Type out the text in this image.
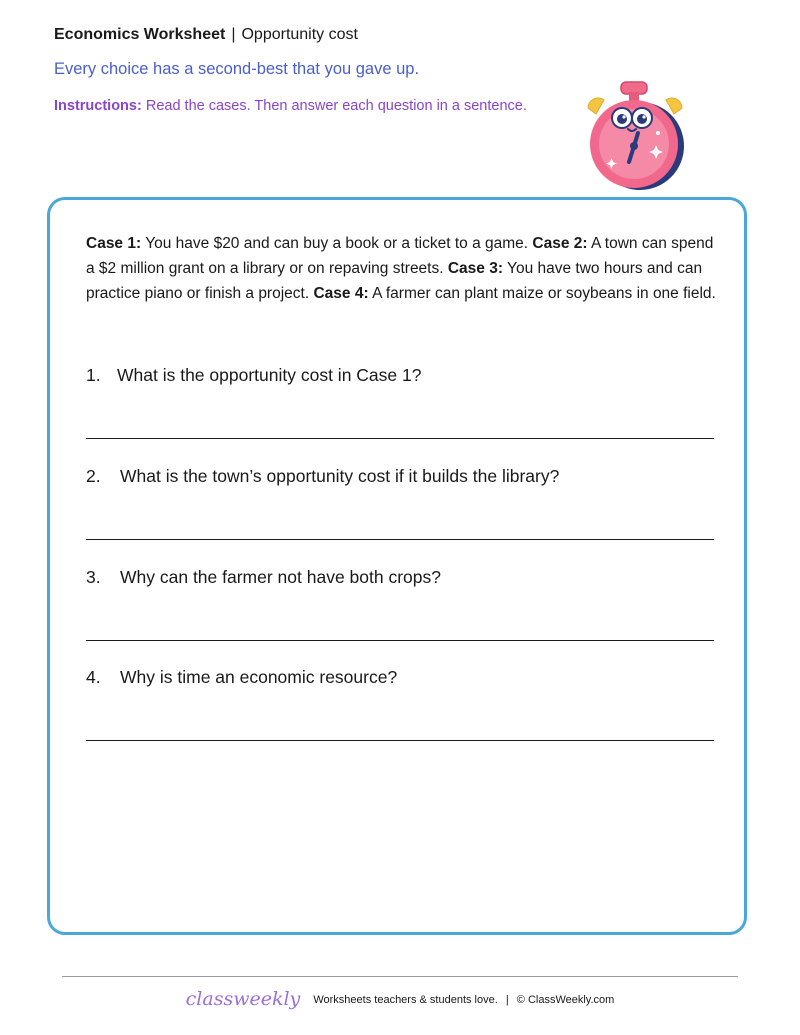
Economics Worksheet | Opportunity cost
Every choice has a second-best that you gave up.
Instructions: Read the cases. Then answer each question in a sentence.
Case 1: You have $20 and can buy a book or a ticket to a game. Case 2: A town can spend a $2 million grant on a library or on repaving streets. Case 3: You have two hours and can practice piano or finish a project. Case 4: A farmer can plant maize or soybeans in one field.
1. What is the opportunity cost in Case 1?
2. What is the town’s opportunity cost if it builds the library?
3. Why can the farmer not have both crops?
4. Why is time an economic resource?
classweekly Worksheets teachers & students love. | © ClassWeekly.com
